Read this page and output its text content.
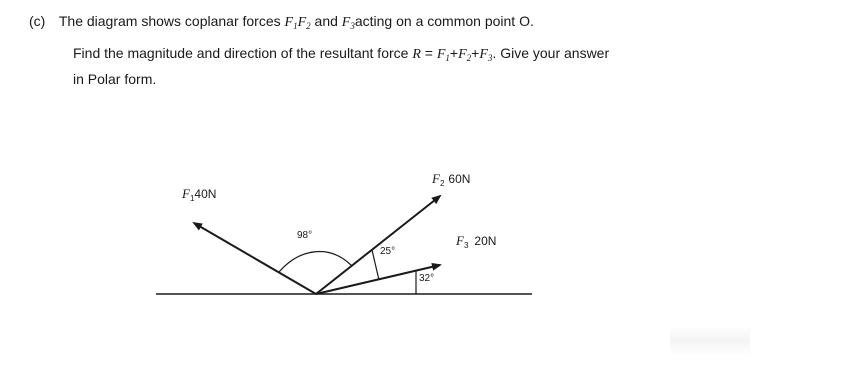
(c) The diagram shows coplanar forces $F_1F_2$ and $F_3acting$ on a common point O.
Find the magnitude and direction of the resultant force $R = F_1+F_2+F_3$. Give your answer
in Polar form.
98°
25°
32°
F140N
F2 60N
F3 20N
